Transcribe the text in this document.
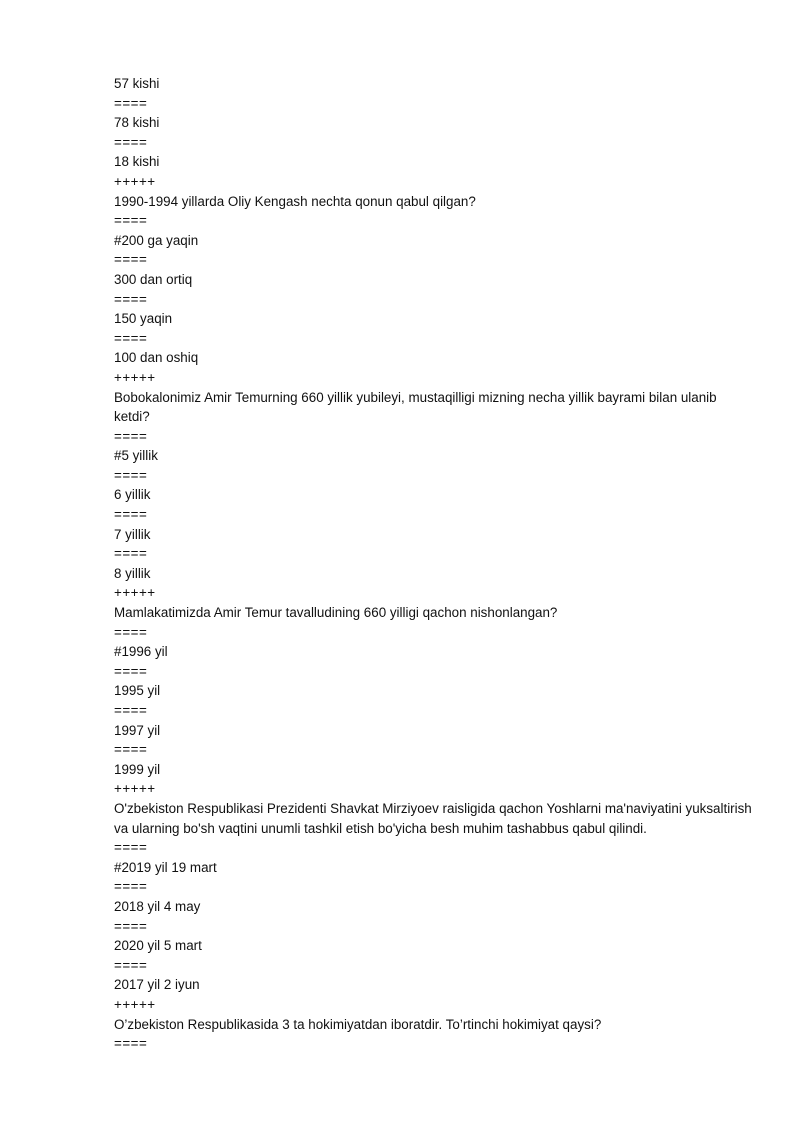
57 kishi
====
78 kishi
====
18 kishi
+++++
1990-1994 yillarda Oliy Kengash nechta qonun qabul qilgan?
====
#200 ga yaqin
====
300 dan ortiq
====
150 yaqin
====
100 dan oshiq
+++++
Bobokalonimiz Amir Temurning 660 yillik yubileyi, mustaqilligi mizning necha yillik bayrami bilan ulanib ketdi?
====
#5 yillik
====
6 yillik
====
7 yillik
====
8 yillik
+++++
Mamlakatimizda Amir Temur tavalludining 660 yilligi qachon nishonlangan?
====
#1996 yil
====
1995 yil
====
1997 yil
====
1999 yil
+++++
O'zbekiston Respublikasi Prezidenti Shavkat Mirziyoev raisligida qachon Yoshlarni ma'naviyatini yuksaltirish va ularning bo'sh vaqtini unumli tashkil etish bo'yicha besh muhim tashabbus qabul qilindi.
====
#2019 yil 19 mart
====
2018 yil 4 may
====
2020 yil 5 mart
====
2017 yil 2 iyun
+++++
O’zbekiston Respublikasida 3 ta hokimiyatdan iboratdir. To’rtinchi hokimiyat qaysi?
====
